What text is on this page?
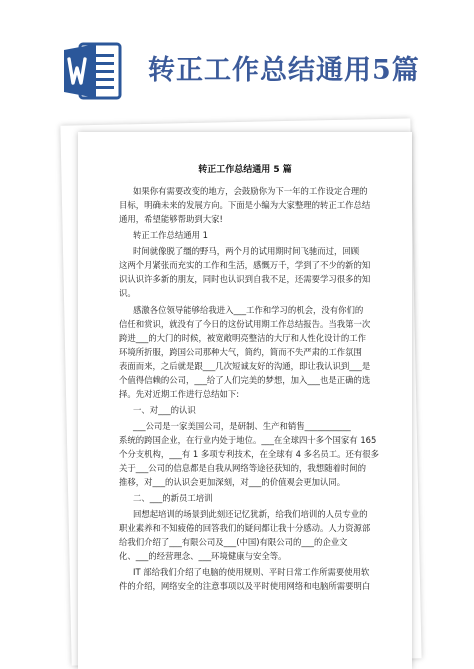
转正工作总结通用5篇
转正工作总结通用 5 篇
如果你有需要改变的地方，会鼓励你为下一年的工作设定合理的
目标，明确未来的发展方向。下面是小编为大家整理的转正工作总结
通用，希望能够帮助到大家!
转正工作总结通用 1
时间就像脱了缰的野马，两个月的试用期时间飞驰而过，回顾
这两个月紧张而充实的工作和生活，感慨万千，学到了不少的新的知
识认识许多新的朋友，同时也认识到自我不足，还需要学习很多的知
识。
感激各位领导能够给我进入___工作和学习的机会，没有你们的
信任和赏识，就没有了今日的这份试用期工作总结报告。当我第一次
跨进___的大门的时候，被宽敞明亮整洁的大厅和人性化设计的工作
环境所折服，跨国公司那种大气，简约，简而不失严肃的工作氛围
表面而来，之后就是跟___几次短诚友好的沟通，即让我认识到___是
个值得信赖的公司，___给了人们完美的梦想，加入___也是正确的选
择。先对近期工作进行总结如下:
一、对___的认识
___公司是一家美国公司，是研制、生产和销售___________
系统的跨国企业，在行业内处于地位。___在全球四十多个国家有 165
个分支机构，___有 1 多项专利技术，在全球有 4 多名员工。还有很多
关于___公司的信息都是自我从网络等途径获知的，我想随着时间的
推移，对___的认识会更加深刻，对___的价值观会更加认同。
二、___的新员工培训
回想起培训的场景到此刻还记忆犹新，给我们培训的人员专业的
职业素养和不知疲倦的回答我们的疑问都让我十分感动。人力资源部
给我们介绍了___有限公司及___(中国)有限公司的___的企业文
化、___的经营理念、___环境健康与安全等。
IT 部给我们介绍了电脑的使用规则、平时日常工作所需要使用软
件的介绍，网络安全的注意事项以及平时使用网络和电脑所需要明白
